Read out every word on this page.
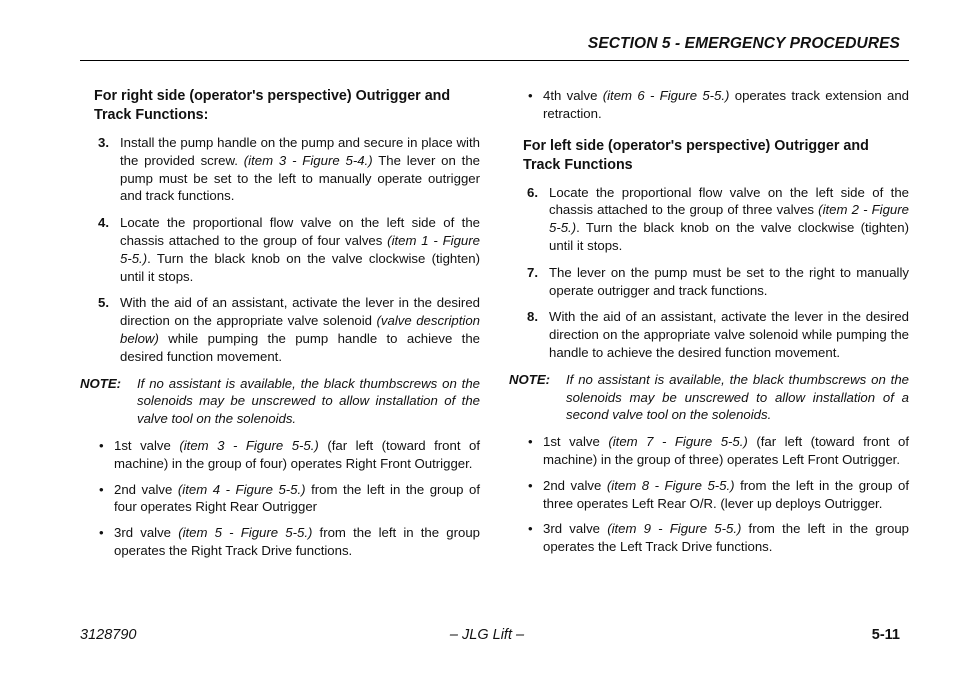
SECTION 5 - EMERGENCY PROCEDURES
For right side (operator's perspective) Outrigger and Track Functions:
3. Install the pump handle on the pump and secure in place with the provided screw. (item 3 - Figure 5-4.) The lever on the pump must be set to the left to manually operate outrigger and track functions.
4. Locate the proportional flow valve on the left side of the chassis attached to the group of four valves (item 1 - Figure 5-5.). Turn the black knob on the valve clockwise (tighten) until it stops.
5. With the aid of an assistant, activate the lever in the desired direction on the appropriate valve solenoid (valve description below) while pumping the pump handle to achieve the desired function movement.
NOTE: If no assistant is available, the black thumbscrews on the solenoids may be unscrewed to allow installation of the valve tool on the solenoids.
• 1st valve (item 3 - Figure 5-5.) (far left (toward front of machine) in the group of four) operates Right Front Outrigger.
• 2nd valve (item 4 - Figure 5-5.) from the left in the group of four operates Right Rear Outrigger
• 3rd valve (item 5 - Figure 5-5.) from the left in the group operates the Right Track Drive functions.
• 4th valve (item 6 - Figure 5-5.) operates track extension and retraction.
For left side (operator's perspective) Outrigger and Track Functions
6. Locate the proportional flow valve on the left side of the chassis attached to the group of three valves (item 2 - Figure 5-5.). Turn the black knob on the valve clockwise (tighten) until it stops.
7. The lever on the pump must be set to the right to manually operate outrigger and track functions.
8. With the aid of an assistant, activate the lever in the desired direction on the appropriate valve solenoid while pumping the handle to achieve the desired function movement.
NOTE: If no assistant is available, the black thumbscrews on the solenoids may be unscrewed to allow installation of a second valve tool on the solenoids.
• 1st valve (item 7 - Figure 5-5.) (far left (toward front of machine) in the group of three) operates Left Front Outrigger.
• 2nd valve (item 8 - Figure 5-5.) from the left in the group of three operates Left Rear O/R. (lever up deploys Outrigger.
• 3rd valve (item 9 - Figure 5-5.) from the left in the group operates the Left Track Drive functions.
3128790	– JLG Lift –	5-11
